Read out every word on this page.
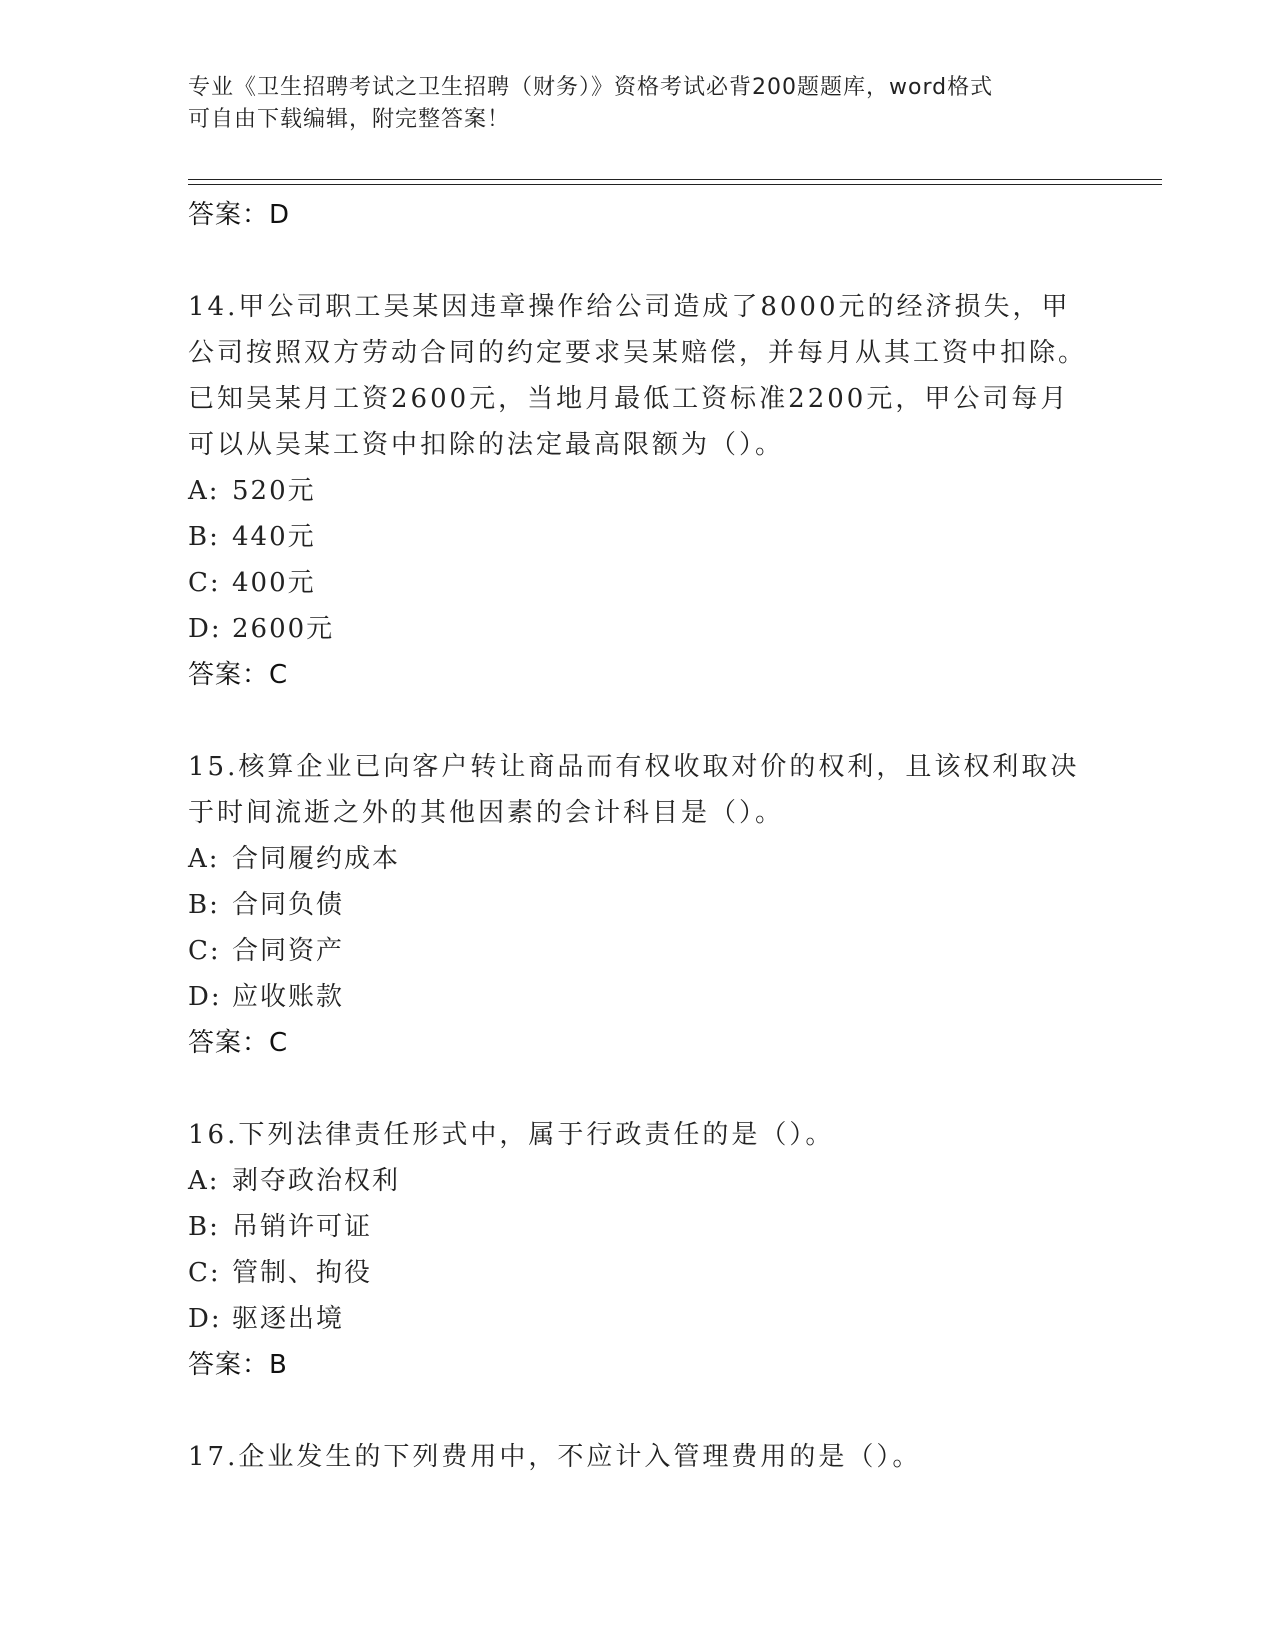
专业《卫生招聘考试之卫生招聘（财务）》资格考试必背200题题库，word格式
可自由下载编辑，附完整答案！
答案：D
14.甲公司职工吴某因违章操作给公司造成了8000元的经济损失，甲公司按照双方劳动合同的约定要求吴某赔偿，并每月从其工资中扣除。已知吴某月工资2600元，当地月最低工资标准2200元，甲公司每月可以从吴某工资中扣除的法定最高限额为（）。
A: 520元
B: 440元
C: 400元
D: 2600元
答案：C
15.核算企业已向客户转让商品而有权收取对价的权利，且该权利取决于时间流逝之外的其他因素的会计科目是（）。
A: 合同履约成本
B: 合同负债
C: 合同资产
D: 应收账款
答案：C
16.下列法律责任形式中，属于行政责任的是（）。
A: 剥夺政治权利
B: 吊销许可证
C: 管制、拘役
D: 驱逐出境
答案：B
17.企业发生的下列费用中，不应计入管理费用的是（）。
